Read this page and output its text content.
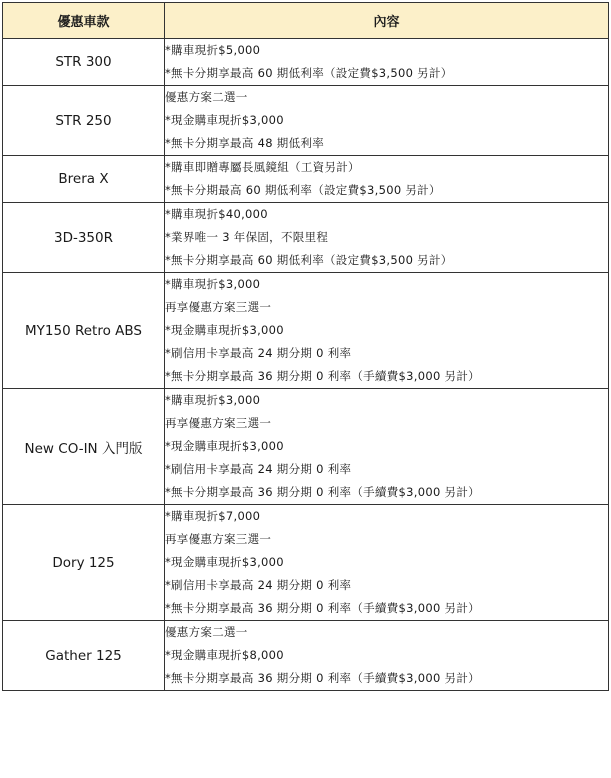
優惠車款	內容
STR 300	*購車現折$5,000
*無卡分期享最高 60 期低利率（設定費$3,500 另計）

STR 250	優惠方案二選一
*現金購車現折$3,000
*無卡分期享最高 48 期低利率

Brera X	*購車即贈專屬長風鏡組（工資另計）
*無卡分期最高 60 期低利率（設定費$3,500 另計）

3D-350R	*購車現折$40,000
*業界唯一 3 年保固，不限里程
*無卡分期享最高 60 期低利率（設定費$3,500 另計）

MY150 Retro ABS	*購車現折$3,000
再享優惠方案三選一
*現金購車現折$3,000
*刷信用卡享最高 24 期分期 0 利率
*無卡分期享最高 36 期分期 0 利率（手續費$3,000 另計）

New CO-IN 入門版	*購車現折$3,000
再享優惠方案三選一
*現金購車現折$3,000
*刷信用卡享最高 24 期分期 0 利率
*無卡分期享最高 36 期分期 0 利率（手續費$3,000 另計）

Dory 125	*購車現折$7,000
再享優惠方案三選一
*現金購車現折$3,000
*刷信用卡享最高 24 期分期 0 利率
*無卡分期享最高 36 期分期 0 利率（手續費$3,000 另計）

Gather 125	優惠方案二選一
*現金購車現折$8,000
*無卡分期享最高 36 期分期 0 利率（手續費$3,000 另計）
